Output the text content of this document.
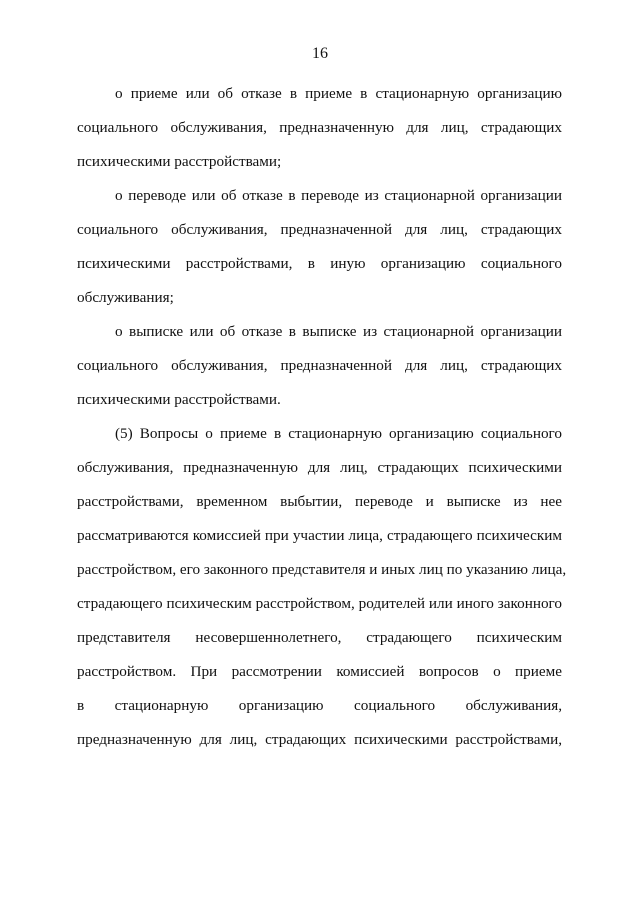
16
о приеме или об отказе в приеме в стационарную организацию
социального обслуживания, предназначенную для лиц, страдающих
психическими расстройствами;
о переводе или об отказе в переводе из стационарной организации
социального обслуживания, предназначенной для лиц, страдающих
психическими расстройствами, в иную организацию социального
обслуживания;
о выписке или об отказе в выписке из стационарной организации
социального обслуживания, предназначенной для лиц, страдающих
психическими расстройствами.
(5) Вопросы о приеме в стационарную организацию социального
обслуживания, предназначенную для лиц, страдающих психическими
расстройствами, временном выбытии, переводе и выписке из нее
рассматриваются комиссией при участии лица, страдающего психическим
расстройством, его законного представителя и иных лиц по указанию лица,
страдающего психическим расстройством, родителей или иного законного
представителя несовершеннолетнего, страдающего психическим
расстройством. При рассмотрении комиссией вопросов о приеме
в стационарную организацию социального обслуживания,
предназначенную для лиц, страдающих психическими расстройствами,
